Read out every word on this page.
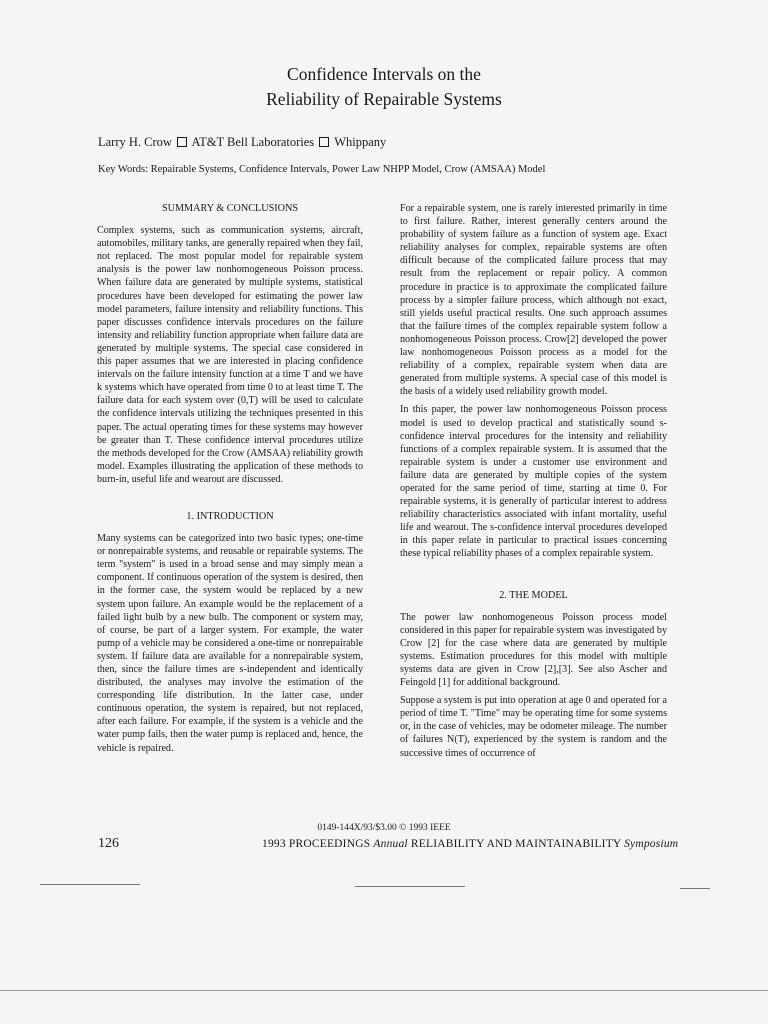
Confidence Intervals on the
Reliability of Repairable Systems
Larry H. Crow AT&T Bell Laboratories Whippany
Key Words: Repairable Systems, Confidence Intervals, Power Law NHPP Model, Crow (AMSAA) Model
SUMMARY & CONCLUSIONS
Complex systems, such as communication systems, aircraft, automobiles, military tanks, are generally repaired when they fail, not replaced. The most popular model for repairable system analysis is the power law nonhomogeneous Poisson process. When failure data are generated by multiple systems, statistical procedures have been developed for estimating the power law model parameters, failure intensity and reliability functions. This paper discusses confidence intervals procedures on the failure intensity and reliability function appropriate when failure data are generated by multiple systems. The special case considered in this paper assumes that we are interested in placing confidence intervals on the failure intensity function at a time T and we have k systems which have operated from time 0 to at least time T. The failure data for each system over (0,T) will be used to calculate the confidence intervals utilizing the techniques presented in this paper. The actual operating times for these systems may however be greater than T. These confidence interval procedures utilize the methods developed for the Crow (AMSAA) reliability growth model. Examples illustrating the application of these methods to burn-in, useful life and wearout are discussed.
1. INTRODUCTION
Many systems can be categorized into two basic types; one-time or nonrepairable systems, and reusable or repairable systems. The term "system" is used in a broad sense and may simply mean a component. If continuous operation of the system is desired, then in the former case, the system would be replaced by a new system upon failure. An example would be the replacement of a failed light bulb by a new bulb. The component or system may, of course, be part of a larger system. For example, the water pump of a vehicle may be considered a one-time or nonrepairable system. If failure data are available for a nonrepairable system, then, since the failure times are s-independent and identically distributed, the analyses may involve the estimation of the corresponding life distribution. In the latter case, under continuous operation, the system is repaired, but not replaced, after each failure. For example, if the system is a vehicle and the water pump fails, then the water pump is replaced and, hence, the vehicle is repaired.
For a repairable system, one is rarely interested primarily in time to first failure. Rather, interest generally centers around the probability of system failure as a function of system age. Exact reliability analyses for complex, repairable systems are often difficult because of the complicated failure process that may result from the replacement or repair policy. A common procedure in practice is to approximate the complicated failure process by a simpler failure process, which although not exact, still yields useful practical results. One such approach assumes that the failure times of the complex repairable system follow a nonhomogeneous Poisson process. Crow[2] developed the power law nonhomogeneous Poisson process as a model for the reliability of a complex, repairable system when data are generated from multiple systems. A special case of this model is the basis of a widely used reliability growth model.
In this paper, the power law nonhomogeneous Poisson process model is used to develop practical and statistically sound s-confidence interval procedures for the intensity and reliability functions of a complex repairable system. It is assumed that the repairable system is under a customer use environment and failure data are generated by multiple copies of the system operated for the same period of time, starting at time 0. For repairable systems, it is generally of particular interest to address reliability characteristics associated with infant mortality, useful life and wearout. The s-confidence interval procedures developed in this paper relate in particular to practical issues concerning these typical reliability phases of a complex repairable system.
2. THE MODEL
The power law nonhomogeneous Poisson process model considered in this paper for repairable system was investigated by Crow [2] for the case where data are generated by multiple systems. Estimation procedures for this model with multiple systems data are given in Crow [2],[3]. See also Ascher and Feingold [1] for additional background.
Suppose a system is put into operation at age 0 and operated for a period of time T. "Time" may be operating time for some systems or, in the case of vehicles, may be odometer mileage. The number of failures N(T), experienced by the system is random and the successive times of occurrence of
0149-144X/93/$3.00 © 1993 IEEE
126	1993 PROCEEDINGS Annual RELIABILITY AND MAINTAINABILITY Symposium
